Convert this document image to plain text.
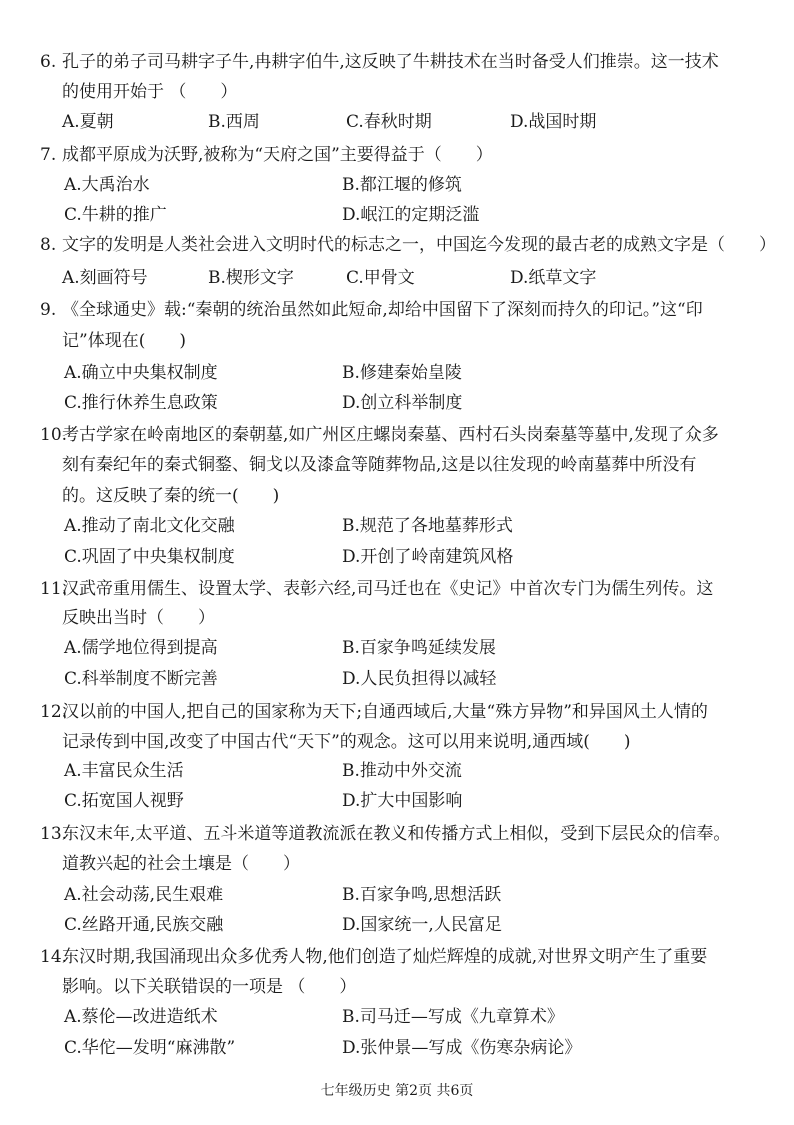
6. 孔子的弟子司马耕字子牛,冉耕字伯牛,这反映了牛耕技术在当时备受人们推崇。这一技术
的使用开始于 （　　）
A.夏朝	B.西周	C.春秋时期	D.战国时期
7. 成都平原成为沃野,被称为“天府之国”主要得益于（　　）
A.大禹治水	B.都江堰的修筑
C.牛耕的推广	D.岷江的定期泛滥
8. 文字的发明是人类社会进入文明时代的标志之一，中国迄今发现的最古老的成熟文字是（　　）
A.刻画符号	B.楔形文字	C.甲骨文	D.纸草文字
9. 《全球通史》载:“秦朝的统治虽然如此短命,却给中国留下了深刻而持久的印记。”这“印
记”体现在(　　)
A.确立中央集权制度	B.修建秦始皇陵
C.推行休养生息政策	D.创立科举制度
10.
考古学家在岭南地区的秦朝墓,如广州区庄螺岗秦墓、西村石头岗秦墓等墓中,发现了众多
刻有秦纪年的秦式铜鍪、铜戈以及漆盒等随葬物品,这是以往发现的岭南墓葬中所没有
的。这反映了秦的统一(　　)
A.推动了南北文化交融	B.规范了各地墓葬形式
C.巩固了中央集权制度	D.开创了岭南建筑风格
11.
汉武帝重用儒生、设置太学、表彰六经,司马迁也在《史记》中首次专门为儒生列传。这
反映出当时（　　）
A.儒学地位得到提高	B.百家争鸣延续发展
C.科举制度不断完善	D.人民负担得以减轻
12.
汉以前的中国人,把自己的国家称为天下;自通西域后,大量“殊方异物”和异国风土人情的
记录传到中国,改变了中国古代“天下”的观念。这可以用来说明,通西域(　　)
A.丰富民众生活	B.推动中外交流
C.拓宽国人视野	D.扩大中国影响
13.
东汉末年,太平道、五斗米道等道教流派在教义和传播方式上相似，受到下层民众的信奉。
道教兴起的社会土壤是（　　）
A.社会动荡,民生艰难	B.百家争鸣,思想活跃
C.丝路开通,民族交融	D.国家统一,人民富足
14.
东汉时期,我国涌现出众多优秀人物,他们创造了灿烂辉煌的成就,对世界文明产生了重要
影响。以下关联错误的一项是 （　　）
A.蔡伦—改进造纸术	B.司马迁—写成《九章算术》
C.华佗—发明“麻沸散”	D.张仲景—写成《伤寒杂病论》
七年级历史 第2页 共6页
